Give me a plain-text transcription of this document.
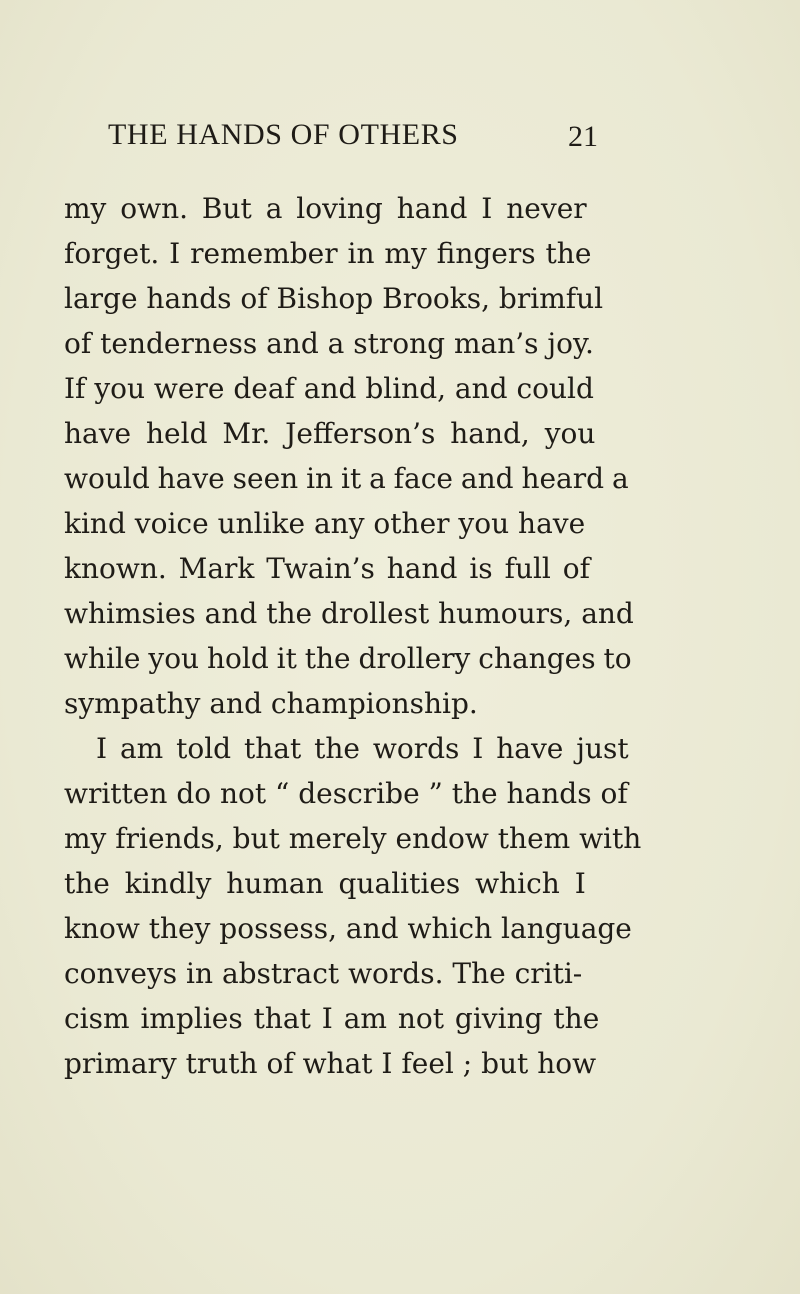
THE HANDS OF OTHERS	21
my own. But a loving hand I never
forget. I remember in my fingers the
large hands of Bishop Brooks, brimful
of tenderness and a strong man’s joy.
If you were deaf and blind, and could
have held Mr. Jefferson’s hand, you
would have seen in it a face and heard a
kind voice unlike any other you have
known. Mark Twain’s hand is full of
whimsies and the drollest humours, and
while you hold it the drollery changes to
sympathy and championship.
I am told that the words I have just
written do not “ describe ” the hands of
my friends, but merely endow them with
the kindly human qualities which I
know they possess, and which language
conveys in abstract words. The criti-
cism implies that I am not giving the
primary truth of what I feel ; but how
